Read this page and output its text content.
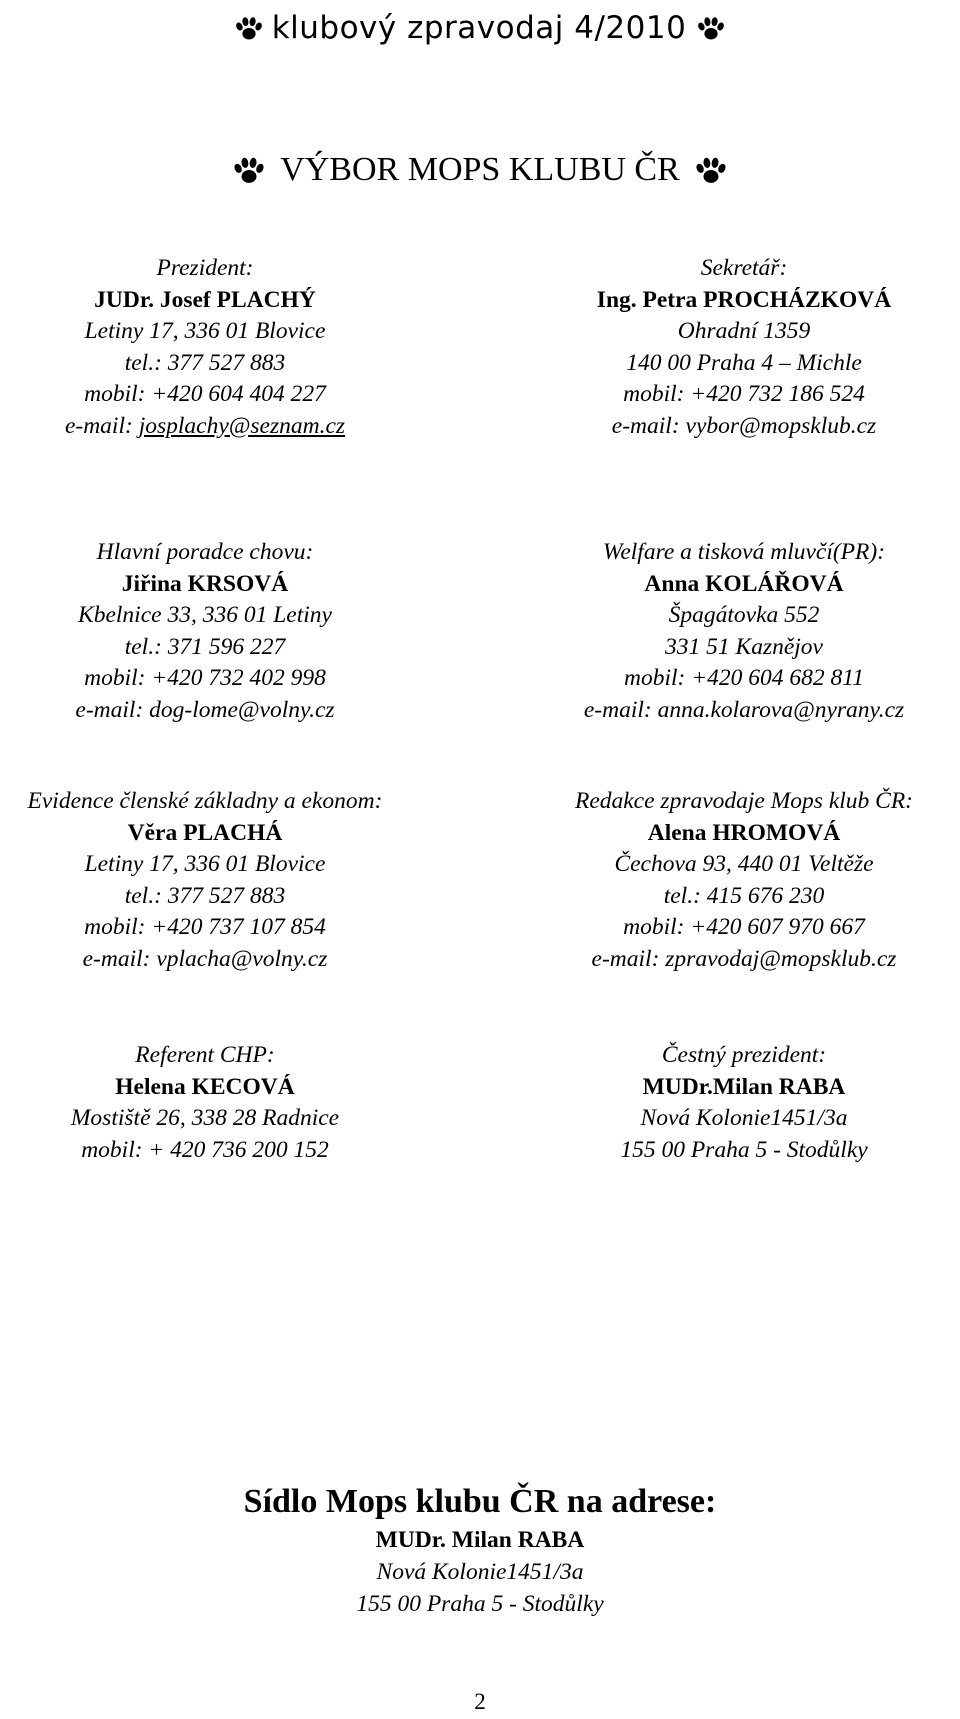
klubový zpravodaj 4/2010
VÝBOR MOPS KLUBU ČR
Prezident:
JUDr. Josef PLACHÝ
Letiny 17, 336 01 Blovice
tel.: 377 527 883
mobil: +420 604 404 227
e-mail: josplachy@seznam.cz
Sekretář:
Ing. Petra PROCHÁZKOVÁ
Ohradní 1359
140 00 Praha 4 – Michle
mobil: +420 732 186 524
e-mail: vybor@mopsklub.cz
Hlavní poradce chovu:
Jiřina KRSOVÁ
Kbelnice 33, 336 01 Letiny
tel.: 371 596 227
mobil: +420 732 402 998
e-mail: dog-lome@volny.cz
Welfare a tisková mluvčí(PR):
Anna KOLÁŘOVÁ
Špagátovka 552
331 51 Kaznějov
mobil: +420 604 682 811
e-mail: anna.kolarova@nyrany.cz
Evidence členské základny a ekonom:
Věra PLACHÁ
Letiny 17, 336 01 Blovice
tel.: 377 527 883
mobil: +420 737 107 854
e-mail: vplacha@volny.cz
Redakce zpravodaje Mops klub ČR:
Alena HROMOVÁ
Čechova 93, 440 01 Veltěže
tel.: 415 676 230
mobil: +420 607 970 667
e-mail: zpravodaj@mopsklub.cz
Referent CHP:
Helena KECOVÁ
Mostiště 26, 338 28 Radnice
mobil: + 420 736 200 152
Čestný prezident:
MUDr.Milan RABA
Nová Kolonie1451/3a
155 00 Praha 5 - Stodůlky
Sídlo Mops klubu ČR na adrese:
MUDr. Milan RABA
Nová Kolonie1451/3a
155 00 Praha 5 - Stodůlky
2
